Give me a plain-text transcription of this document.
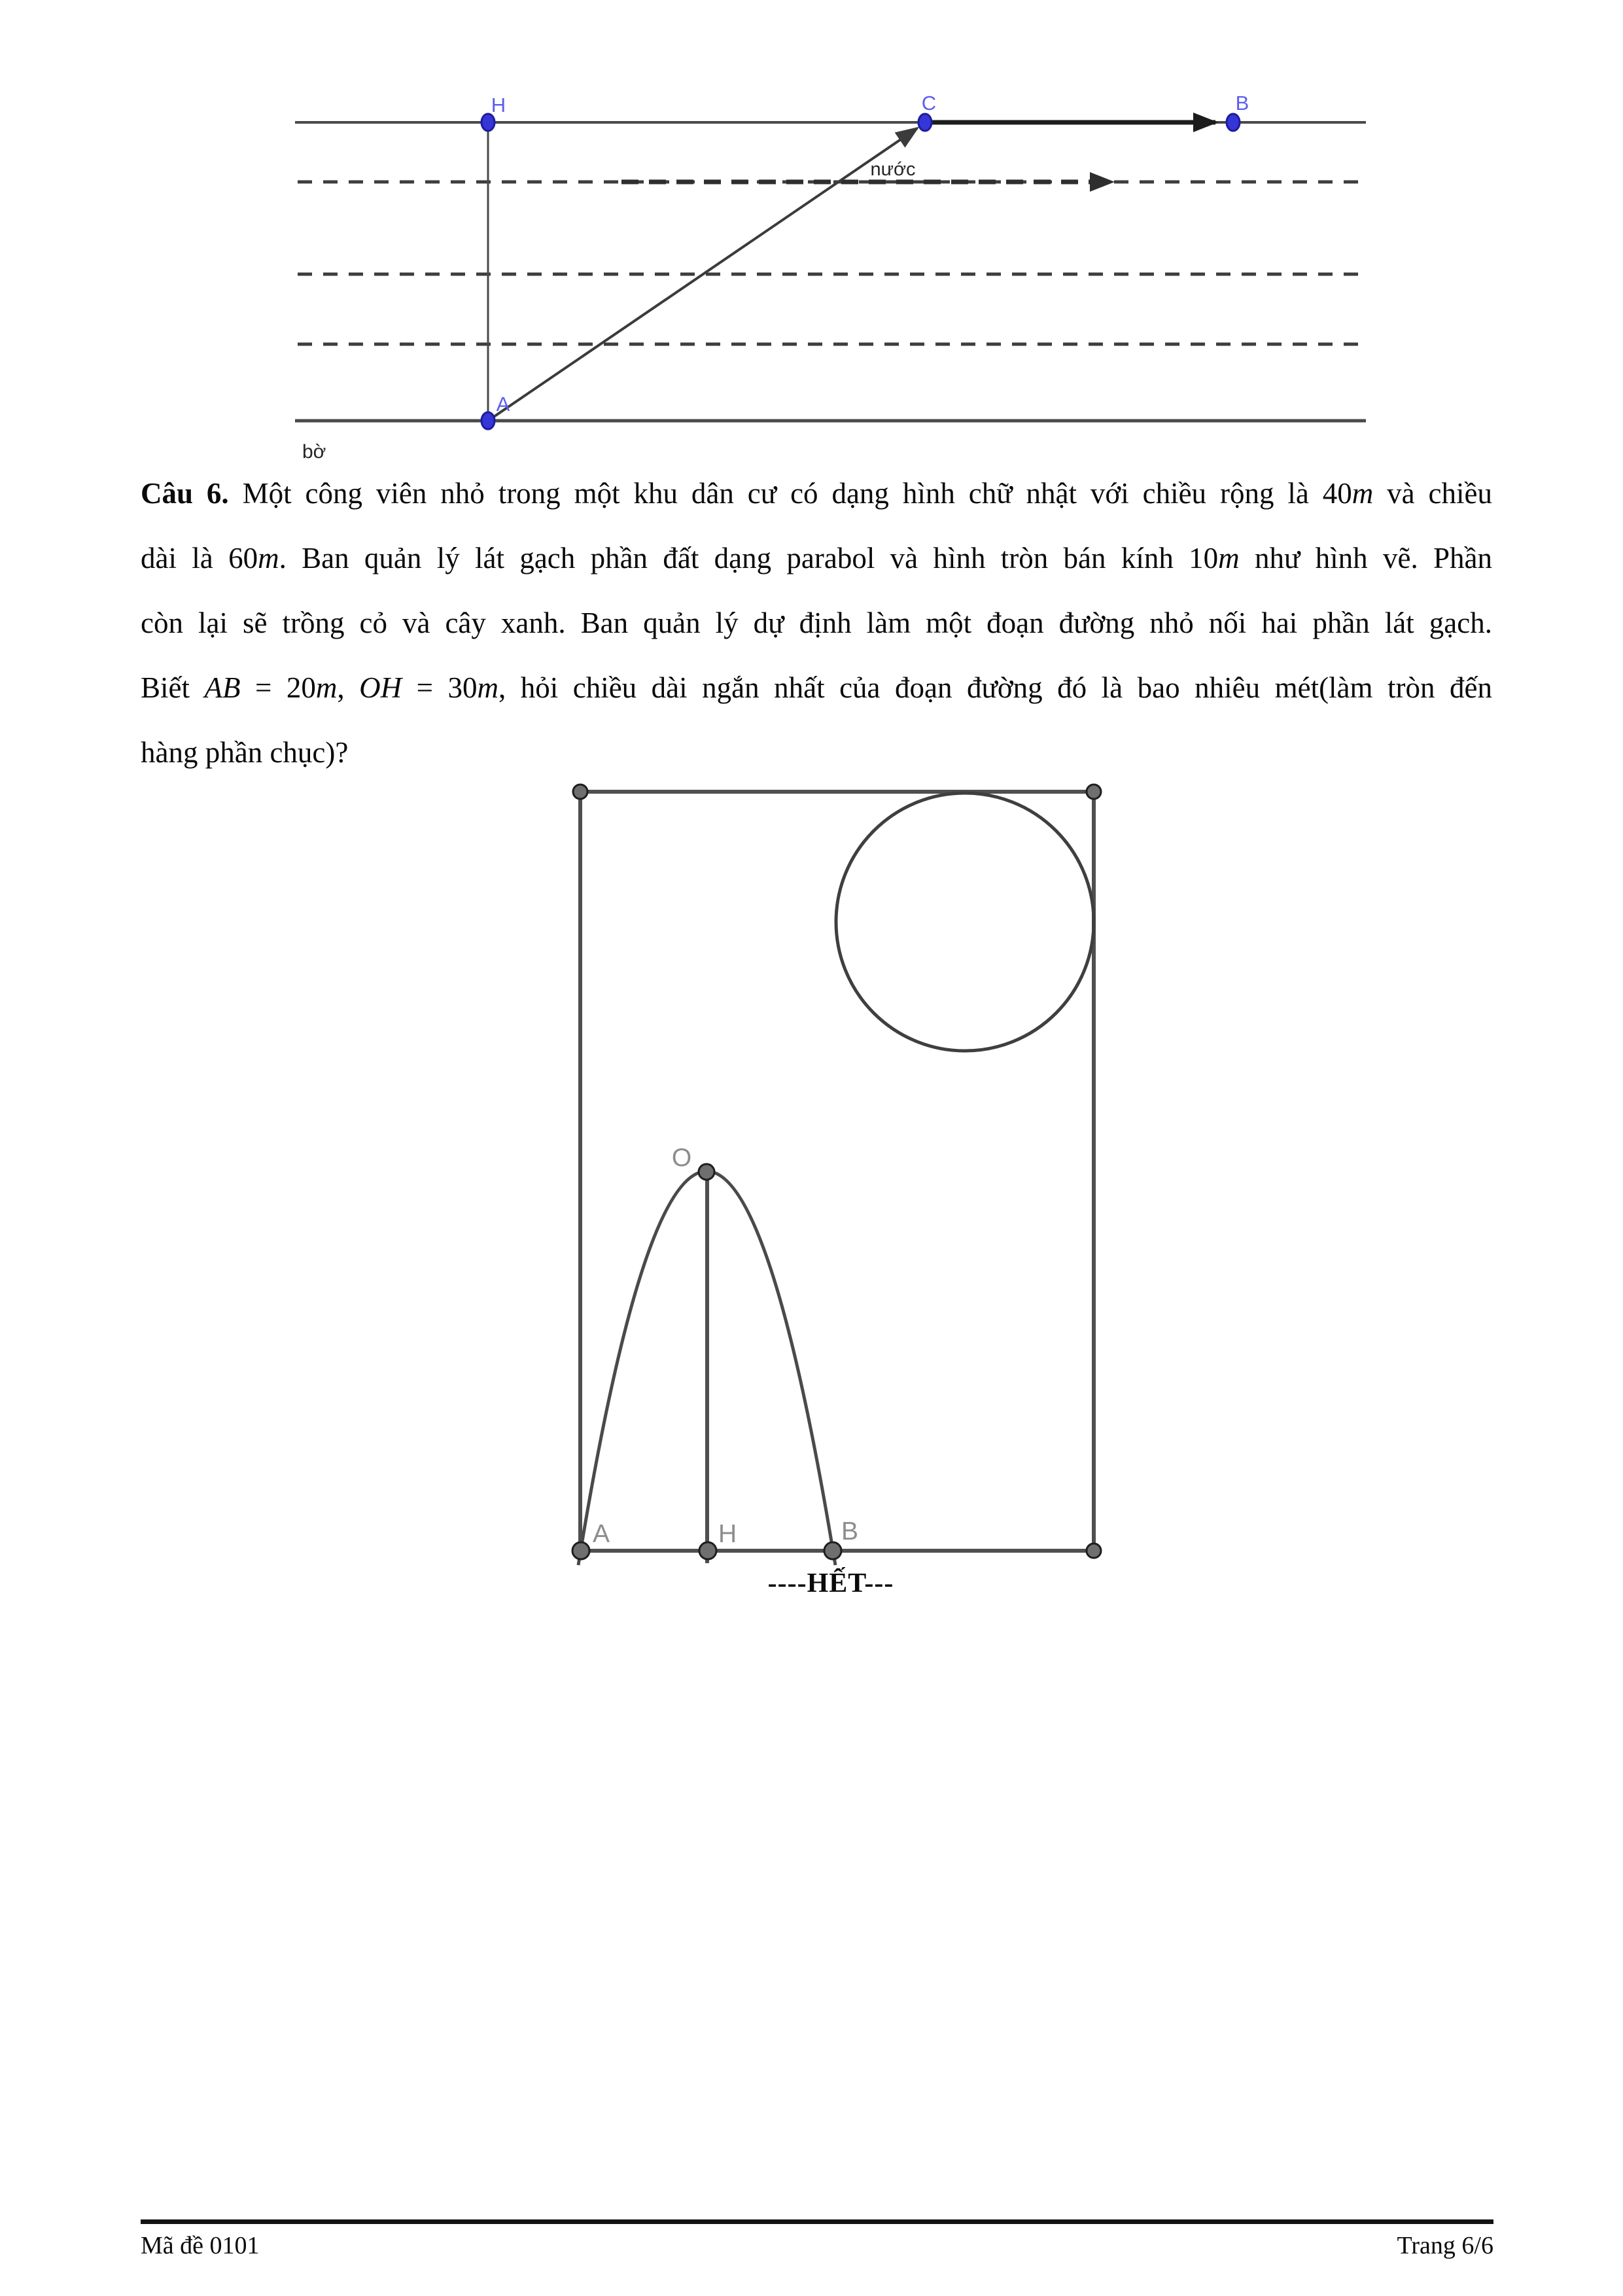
H	C	B
A
nước
bờ
Câu 6. Một công viên nhỏ trong một khu dân cư có dạng hình chữ nhật với chiều rộng là 40m và chiều
dài là 60m. Ban quản lý lát gạch phần đất dạng parabol và hình tròn bán kính 10m như hình vẽ. Phần
còn lại sẽ trồng cỏ và cây xanh. Ban quản lý dự định làm một đoạn đường nhỏ nối hai phần lát gạch.
Biết AB = 20m, OH = 30m, hỏi chiều dài ngắn nhất của đoạn đường đó là bao nhiêu mét(làm tròn đến
hàng phần chục)?
O
A	H	B
----HẾT---
Mã đề 0101	Trang 6/6
